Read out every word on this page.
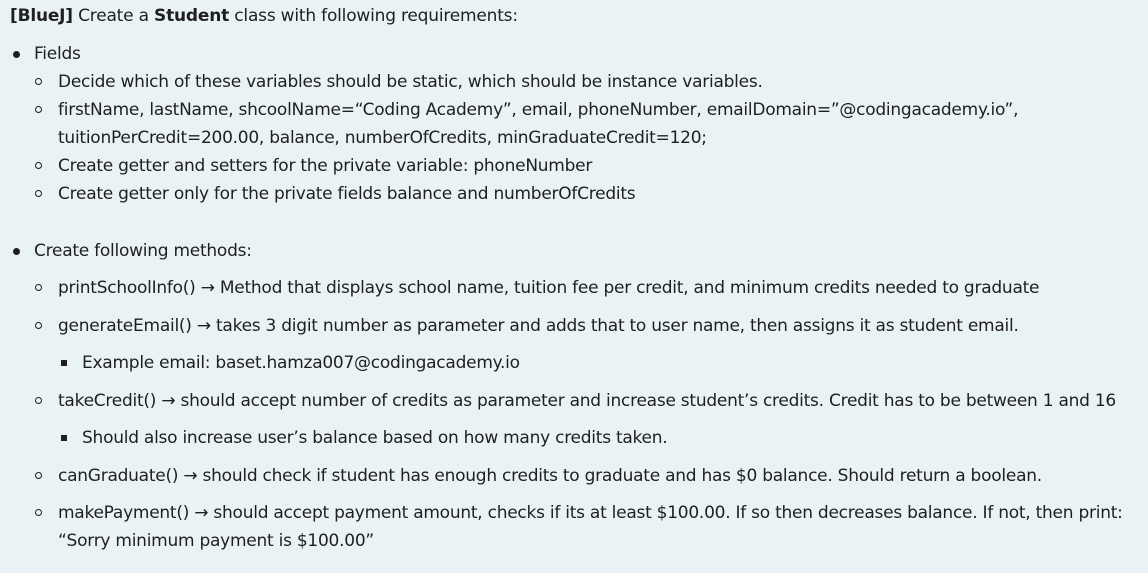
[BlueJ] Create a Student class with following requirements:
Fields
Decide which of these variables should be static, which should be instance variables.
firstName, lastName, shcoolName=“Coding Academy”, email, phoneNumber, emailDomain=”@codingacademy.io”,
tuitionPerCredit=200.00, balance, numberOfCredits, minGraduateCredit=120;
Create getter and setters for the private variable: phoneNumber
Create getter only for the private fields balance and numberOfCredits
Create following methods:
printSchoolInfo() → Method that displays school name, tuition fee per credit, and minimum credits needed to graduate
generateEmail() → takes 3 digit number as parameter and adds that to user name, then assigns it as student email.
Example email: baset.hamza007@codingacademy.io
takeCredit() → should accept number of credits as parameter and increase student’s credits. Credit has to be between 1 and 16
Should also increase user’s balance based on how many credits taken.
canGraduate() → should check if student has enough credits to graduate and has $0 balance. Should return a boolean.
makePayment() → should accept payment amount, checks if its at least $100.00. If so then decreases balance. If not, then print:
“Sorry minimum payment is $100.00”
